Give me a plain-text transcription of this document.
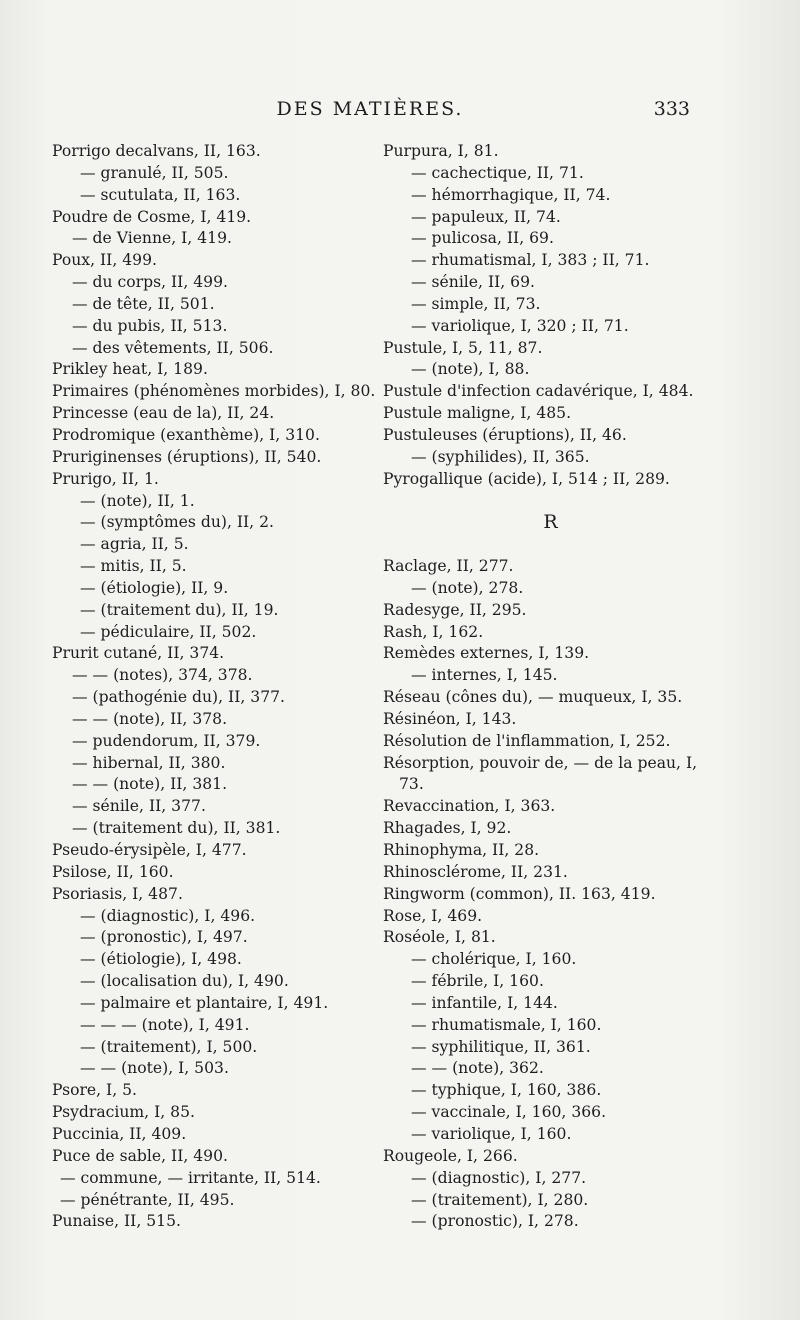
DES MATIÈRES.	333
Porrigo decalvans, II, 163.
— granulé, II, 505.
— scutulata, II, 163.
Poudre de Cosme, I, 419.
— de Vienne, I, 419.
Poux, II, 499.
— du corps, II, 499.
— de tête, II, 501.
— du pubis, II, 513.
— des vêtements, II, 506.
Prikley heat, I, 189.
Primaires (phénomènes morbides), I, 80.
Princesse (eau de la), II, 24.
Prodromique (exanthème), I, 310.
Pruriginenses (éruptions), II, 540.
Prurigo, II, 1.
— (note), II, 1.
— (symptômes du), II, 2.
— agria, II, 5.
— mitis, II, 5.
— (étiologie), II, 9.
— (traitement du), II, 19.
— pédiculaire, II, 502.
Prurit cutané, II, 374.
— — (notes), 374, 378.
— (pathogénie du), II, 377.
— — (note), II, 378.
— pudendorum, II, 379.
— hibernal, II, 380.
— — (note), II, 381.
— sénile, II, 377.
— (traitement du), II, 381.
Pseudo-érysipèle, I, 477.
Psilose, II, 160.
Psoriasis, I, 487.
— (diagnostic), I, 496.
— (pronostic), I, 497.
— (étiologie), I, 498.
— (localisation du), I, 490.
— palmaire et plantaire, I, 491.
— — — (note), I, 491.
— (traitement), I, 500.
— — (note), I, 503.
Psore, I, 5.
Psydracium, I, 85.
Puccinia, II, 409.
Puce de sable, II, 490.
— commune, — irritante, II, 514.
— pénétrante, II, 495.
Punaise, II, 515.
Purpura, I, 81.
— cachectique, II, 71.
— hémorrhagique, II, 74.
— papuleux, II, 74.
— pulicosa, II, 69.
— rhumatismal, I, 383 ; II, 71.
— sénile, II, 69.
— simple, II, 73.
— variolique, I, 320 ; II, 71.
Pustule, I, 5, 11, 87.
— (note), I, 88.
Pustule d'infection cadavérique, I, 484.
Pustule maligne, I, 485.
Pustuleuses (éruptions), II, 46.
— (syphilides), II, 365.
Pyrogallique (acide), I, 514 ; II, 289.
R
Raclage, II, 277.
— (note), 278.
Radesyge, II, 295.
Rash, I, 162.
Remèdes externes, I, 139.
— internes, I, 145.
Réseau (cônes du), — muqueux, I, 35.
Résinéon, I, 143.
Résolution de l'inflammation, I, 252.
Résorption, pouvoir de, — de la peau, I,
73.
Revaccination, I, 363.
Rhagades, I, 92.
Rhinophyma, II, 28.
Rhinosclérome, II, 231.
Ringworm (common), II. 163, 419.
Rose, I, 469.
Roséole, I, 81.
— cholérique, I, 160.
— fébrile, I, 160.
— infantile, I, 144.
— rhumatismale, I, 160.
— syphilitique, II, 361.
— — (note), 362.
— typhique, I, 160, 386.
— vaccinale, I, 160, 366.
— variolique, I, 160.
Rougeole, I, 266.
— (diagnostic), I, 277.
— (traitement), I, 280.
— (pronostic), I, 278.
